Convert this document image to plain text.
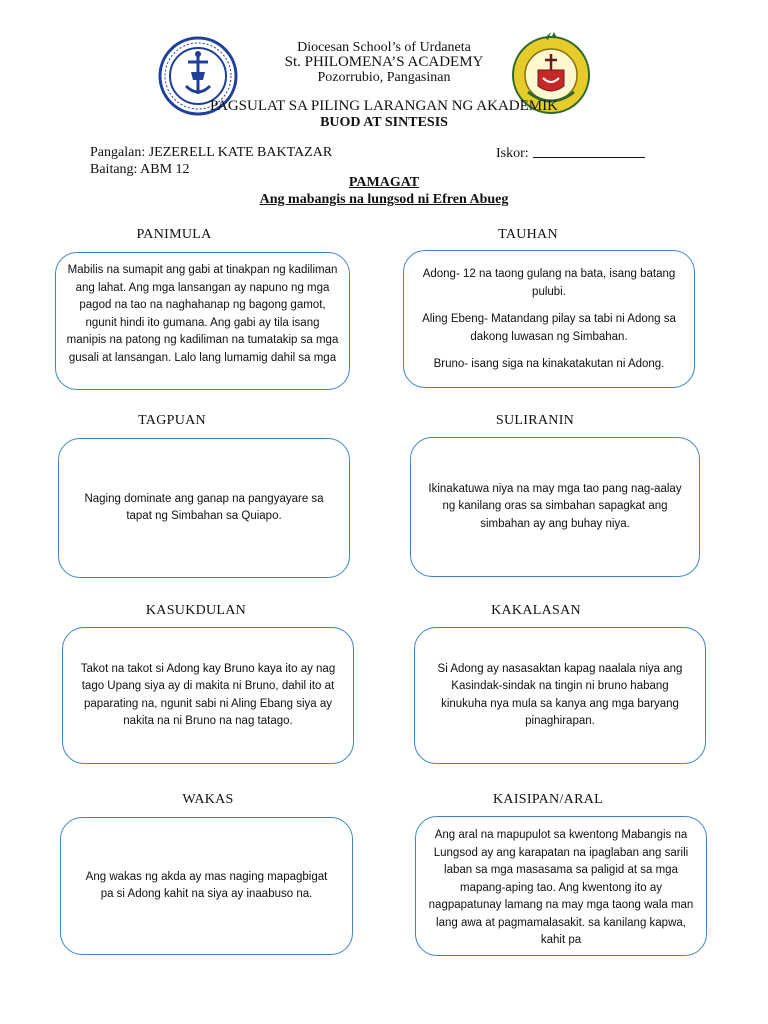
Diocesan School’s of Urdaneta
St. PHILOMENA’S ACADEMY
Pozorrubio, Pangasinan
PAGSULAT SA PILING LARANGAN NG AKADEMIK
BUOD AT SINTESIS
Pangalan: JEZERELL KATE BAKTAZAR	Iskor:
Baitang: ABM 12
PAMAGAT
Ang mabangis na lungsod ni Efren Abueg
PANIMULA	TAUHAN

Mabilis na sumapit ang gabi at tinakpan ng kadiliman ang lahat. Ang mga lansangan ay napuno ng mga pagod na tao na naghahanap ng bagong gamot, ngunit hindi ito gumana. Ang gabi ay tila isang manipis na patong ng kadiliman na tumatakip sa mga gusali at lansangan. Lalo lang lumamig dahil sa mga

Adong- 12 na taong gulang na bata, isang batang pulubi.

Aling Ebeng- Matandang pilay sa tabi ni Adong sa dakong luwasan ng Simbahan.

Bruno- isang siga na kinakatakutan ni Adong.

TAGPUAN	SULIRANIN

Naging dominate ang ganap na pangyayare sa tapat ng Simbahan sa Quiapo.

Ikinakatuwa niya na may mga tao pang nag-aalay ng kanilang oras sa simbahan sapagkat ang simbahan ay ang buhay niya.

KASUKDULAN	KAKALASAN

Takot na takot si Adong kay Bruno kaya ito ay nag tago Upang siya ay di makita ni Bruno, dahil ito at paparating na, ngunit sabi ni Aling Ebang siya ay nakita na ni Bruno na nag tatago.

Si Adong ay nasasaktan kapag naalala niya ang Kasindak-sindak na tingin ni bruno habang kinukuha nya mula sa kanya ang mga baryang pinaghirapan.

WAKAS	KAISIPAN/ARAL

Ang wakas ng akda ay mas naging mapagbigat pa si Adong kahit na siya ay inaabuso na.

Ang aral na mapupulot sa kwentong Mabangis na Lungsod ay ang karapatan na ipaglaban ang sarili laban sa mga masasama sa paligid at sa mga mapang-aping tao. Ang kwentong ito ay nagpapatunay lamang na may mga taong wala man lang awa at pagmamalasakit. sa kanilang kapwa, kahit pa
